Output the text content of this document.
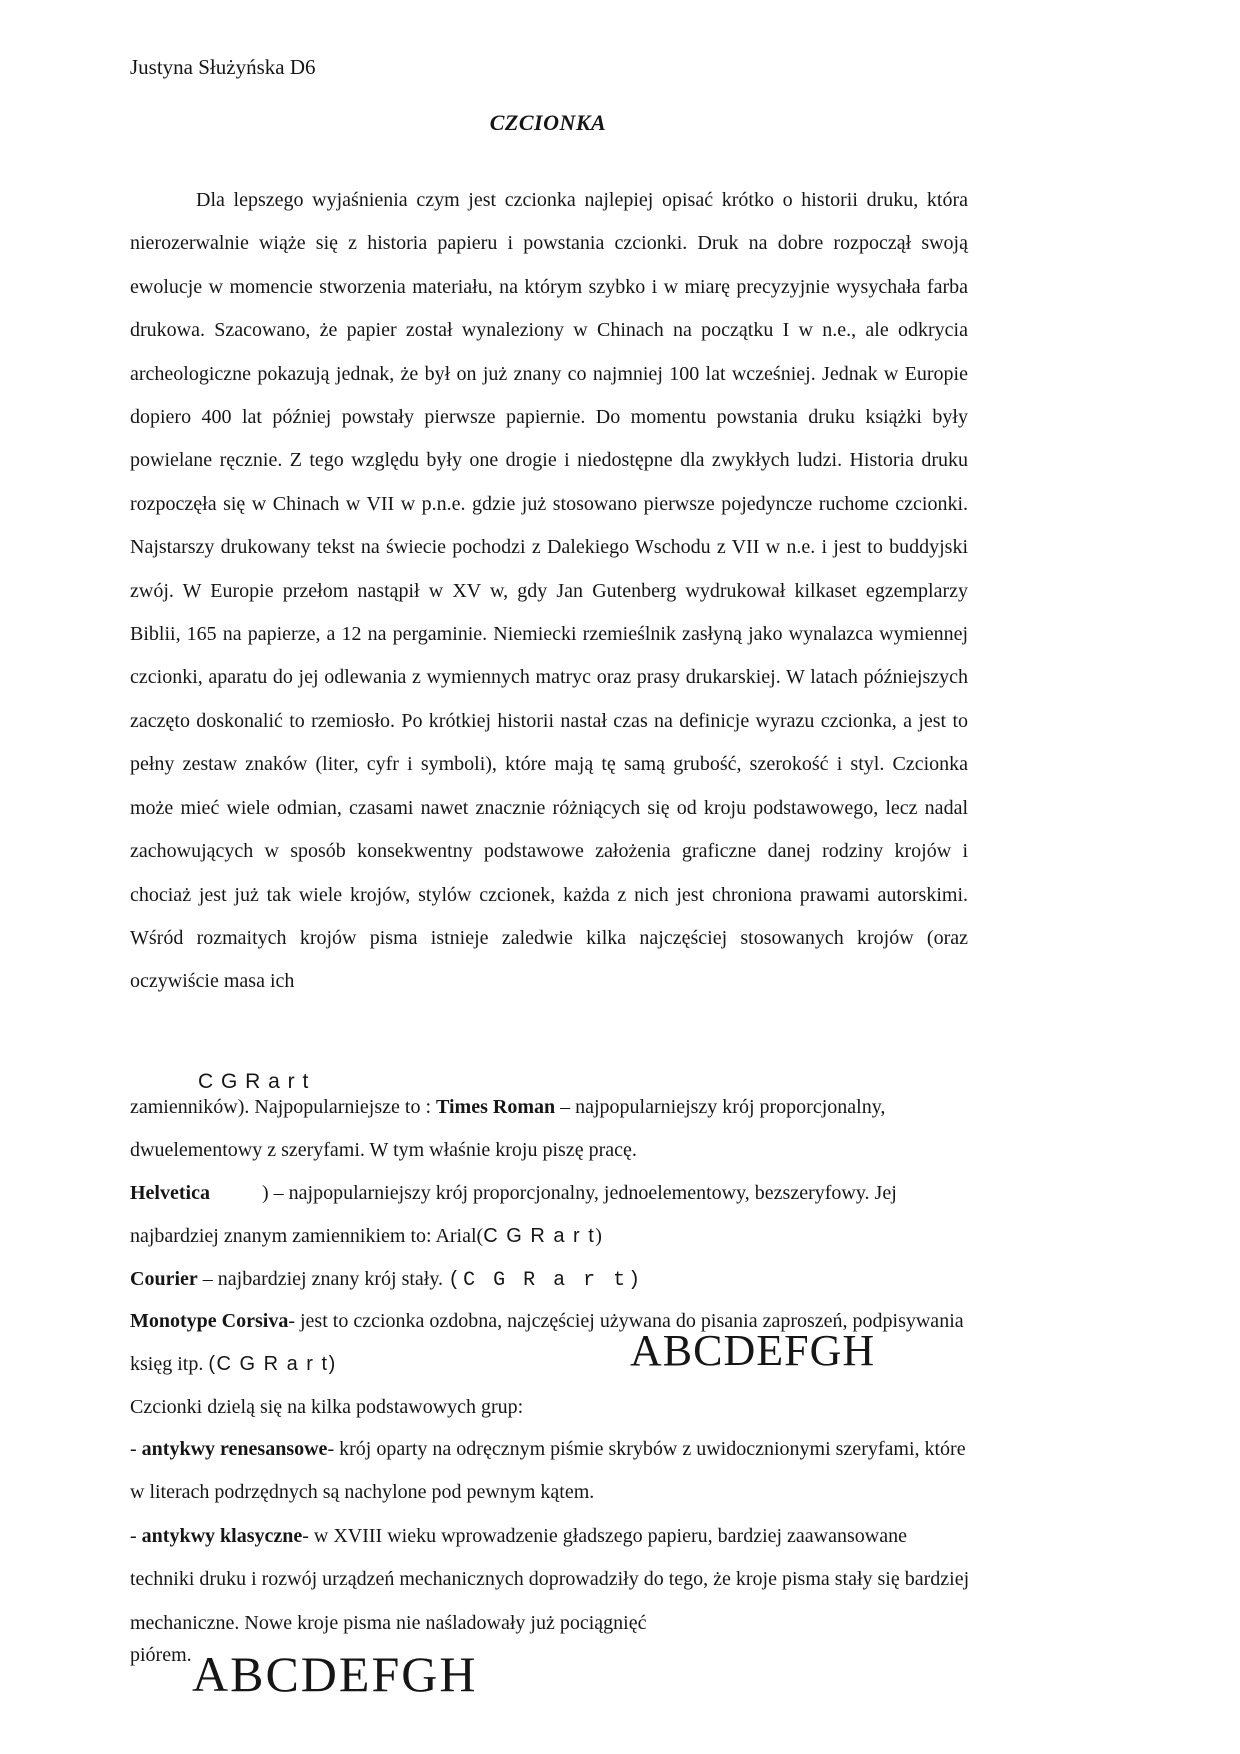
Justyna Służyńska D6
CZCIONKA
Dla lepszego wyjaśnienia czym jest czcionka najlepiej opisać krótko o historii druku, która nierozerwalnie wiąże się z historia papieru i powstania czcionki. Druk na dobre rozpoczął swoją ewolucje w momencie stworzenia materiału, na którym szybko i w miarę precyzyjnie wysychała farba drukowa. Szacowano, że papier został wynaleziony w Chinach na początku I w n.e., ale odkrycia archeologiczne pokazują jednak, że był on już znany co najmniej 100 lat wcześniej. Jednak w Europie dopiero 400 lat później powstały pierwsze papiernie. Do momentu powstania druku książki były powielane ręcznie. Z tego względu były one drogie i niedostępne dla zwykłych ludzi. Historia druku rozpoczęła się w Chinach w VII w p.n.e. gdzie już stosowano pierwsze pojedyncze ruchome czcionki. Najstarszy drukowany tekst na świecie pochodzi z Dalekiego Wschodu z VII w n.e. i jest to buddyjski zwój. W Europie przełom nastąpił w XV w, gdy Jan Gutenberg wydrukował kilkaset egzemplarzy Biblii, 165 na papierze, a 12 na pergaminie. Niemiecki rzemieślnik zasłyną jako wynalazca wymiennej czcionki, aparatu do jej odlewania z wymiennych matryc oraz prasy drukarskiej. W latach późniejszych zaczęto doskonalić to rzemiosło. Po krótkiej historii nastał czas na definicje wyrazu czcionka, a jest to pełny zestaw znaków (liter, cyfr i symboli), które mają tę samą grubość, szerokość i styl. Czcionka może mieć wiele odmian, czasami nawet znacznie różniących się od kroju podstawowego, lecz nadal zachowujących w sposób konsekwentny podstawowe założenia graficzne danej rodziny krojów i chociaż jest już tak wiele krojów, stylów czcionek, każda z nich jest chroniona prawami autorskimi. Wśród rozmaitych krojów pisma istnieje zaledwie kilka najczęściej stosowanych krojów (oraz oczywiście masa ich
C G R a r t
zamienników). Najpopularniejsze to : Times Roman – najpopularniejszy krój proporcjonalny, dwuelementowy z szeryfami. W tym właśnie kroju piszę pracę.
Helvetica	) – najpopularniejszy krój proporcjonalny, jednoelementowy, bezszeryfowy. Jej najbardziej znanym zamiennikiem to: Arial(C G R a r t)
Courier – najbardziej znany krój stały. (C G R a r t)
Monotype Corsiva- jest to czcionka ozdobna, najczęściej używana do pisania zaproszeń, podpisywania księg itp. (C G R a r t)	ABCDEFGH
Czcionki dzielą się na kilka podstawowych grup:
- antykwy renesansowe- krój oparty na odręcznym piśmie skrybów z uwidocznionymi szeryfami, które w literach podrzędnych są nachylone pod pewnym kątem.
- antykwy klasyczne- w XVIII wieku wprowadzenie gładszego papieru, bardziej zaawansowane techniki druku i rozwój urządzeń mechanicznych doprowadziły do tego, że kroje pisma stały się bardziej mechaniczne. Nowe kroje pisma nie naśladowały już pociągnięć
piórem. ABCDEFGH
